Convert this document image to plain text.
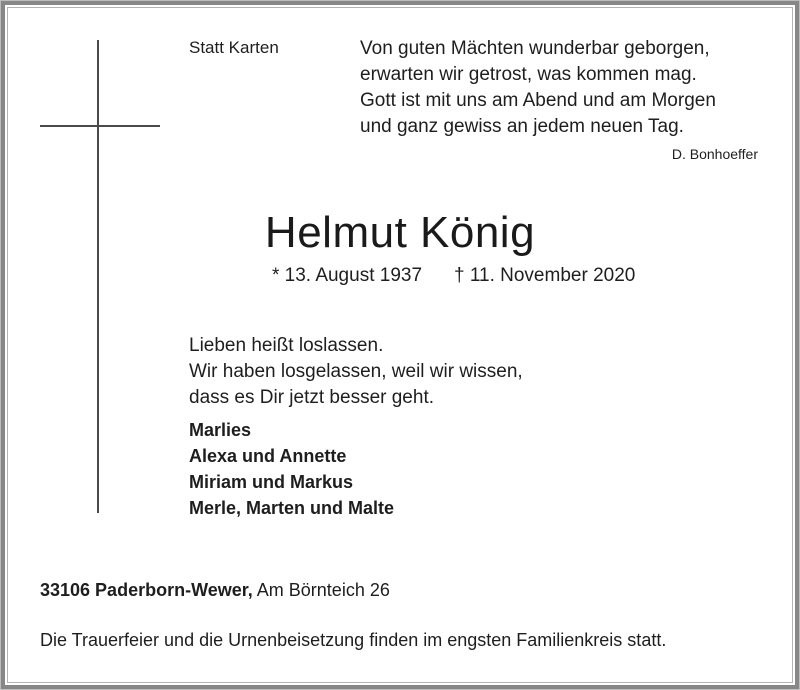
Statt Karten	Von guten Mächten wunderbar geborgen,
erwarten wir getrost, was kommen mag.
Gott ist mit uns am Abend und am Morgen
und ganz gewiss an jedem neuen Tag.
D. Bonhoeffer
Helmut König
* 13. August 1937 † 11. November 2020
Lieben heißt loslassen.
Wir haben losgelassen, weil wir wissen,
dass es Dir jetzt besser geht.
Marlies
Alexa und Annette
Miriam und Markus
Merle, Marten und Malte
33106 Paderborn-Wewer, Am Börnteich 26
Die Trauerfeier und die Urnenbeisetzung finden im engsten Familienkreis statt.
